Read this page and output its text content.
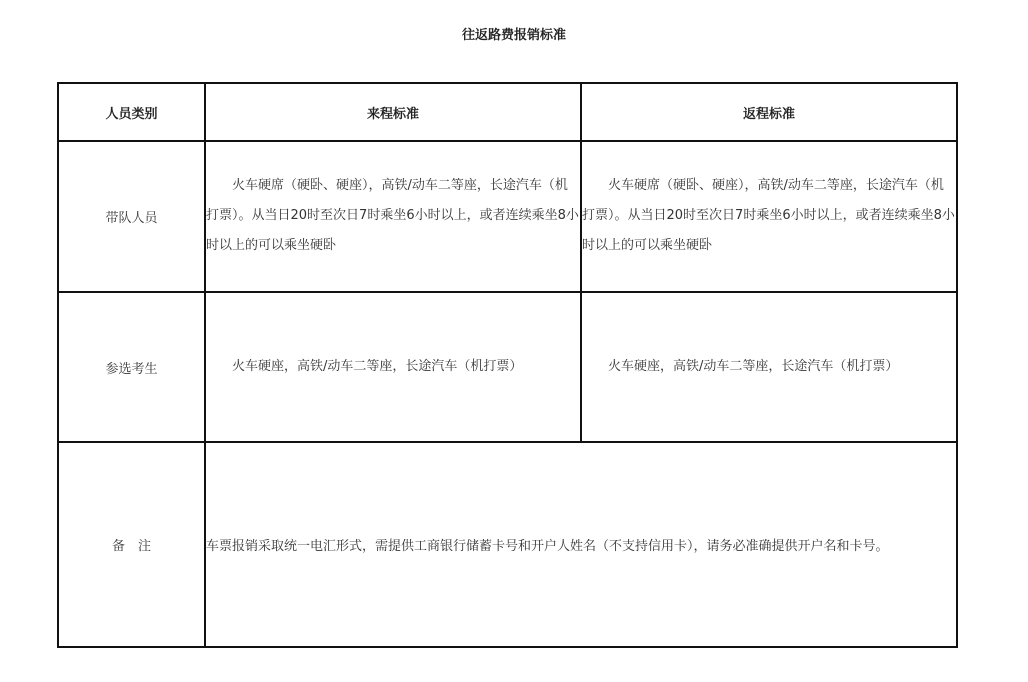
往返路费报销标准
人员类别	来程标准	返程标准
带队人员	火车硬席（硬卧、硬座），高铁/动车二等座，长途汽车（机打票）。从当日20时至次日7时乘坐6小时以上，或者连续乘坐8小时以上的可以乘坐硬卧	火车硬席（硬卧、硬座），高铁/动车二等座，长途汽车（机打票）。从当日20时至次日7时乘坐6小时以上，或者连续乘坐8小时以上的可以乘坐硬卧

参选考生	火车硬座，高铁/动车二等座，长途汽车（机打票）	火车硬座，高铁/动车二等座，长途汽车（机打票）

备　注	车票报销采取统一电汇形式，需提供工商银行储蓄卡号和开户人姓名（不支持信用卡），请务必准确提供开户名和卡号。	
